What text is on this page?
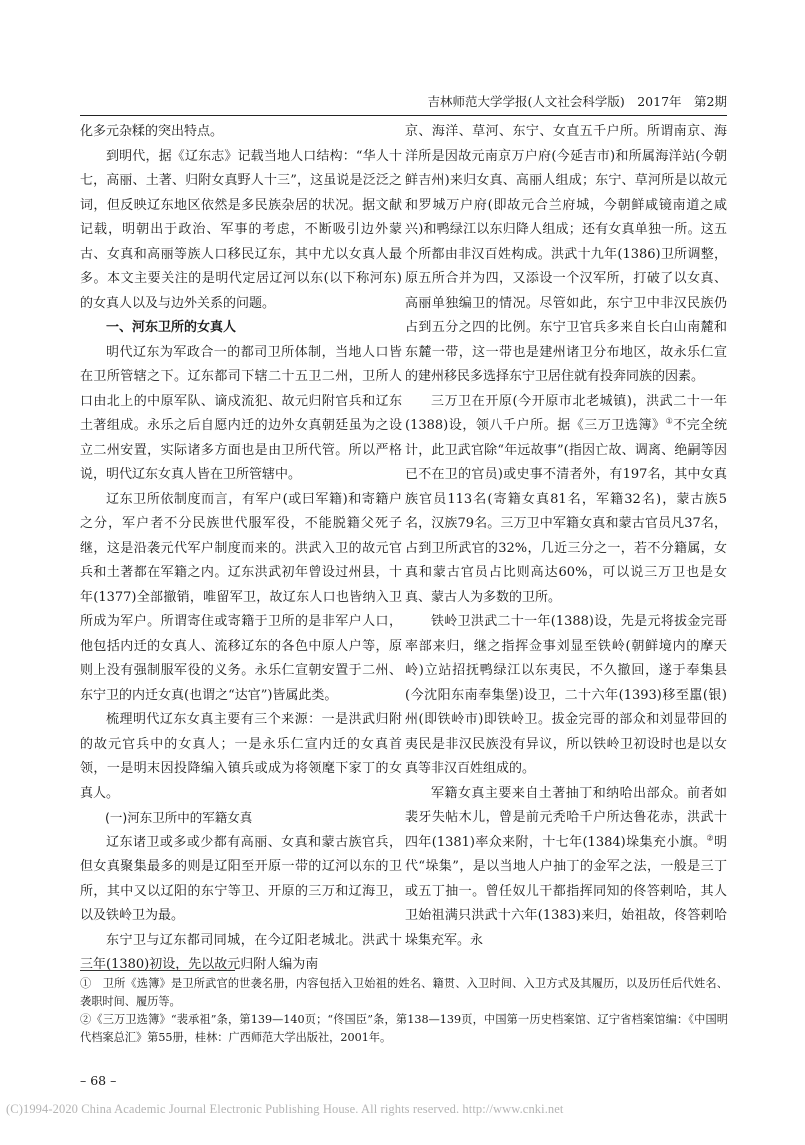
吉林师范大学学报(人文社会科学版)　2017年　第2期

化多元杂糅的突出特点。

到明代，据《辽东志》记载当地人口结构：“华人十七，高丽、土著、归附女真野人十三”，这虽说是泛泛之词，但反映辽东地区依然是多民族杂居的状况。据文献记载，明朝出于政治、军事的考虑，不断吸引边外蒙古、女真和高丽等族人口移民辽东，其中尤以女真人最多。本文主要关注的是明代定居辽河以东(以下称河东)的女真人以及与边外关系的问题。

一、河东卫所的女真人

明代辽东为军政合一的都司卫所体制，当地人口皆在卫所管辖之下。辽东都司下辖二十五卫二州，卫所人口由北上的中原军队、谪戍流犯、故元归附官兵和辽东土著组成。永乐之后自愿内迁的边外女真朝廷虽为之设立二州安置，实际诸多方面也是由卫所代管。所以严格说，明代辽东女真人皆在卫所管辖中。

辽东卫所依制度而言，有军户(或曰军籍)和寄籍户之分，军户者不分民族世代服军役，不能脱籍父死子继，这是沿袭元代军户制度而来的。洪武入卫的故元官兵和土著都在军籍之内。辽东洪武初年曾设过州县，十年(1377)全部撤销，唯留军卫，故辽东人口也皆纳入卫所成为军户。所谓寄住或寄籍于卫所的是非军户人口，他包括内迁的女真人、流移辽东的各色中原人户等，原则上没有强制服军役的义务。永乐仁宣朝安置于二州、东宁卫的内迁女真(也谓之“达官”)皆属此类。

梳理明代辽东女真主要有三个来源：一是洪武归附的故元官兵中的女真人；一是永乐仁宣内迁的女真首领，一是明末因投降编入镇兵或成为将领麾下家丁的女真人。

(一)河东卫所中的军籍女真

辽东诸卫或多或少都有高丽、女真和蒙古族官兵，但女真聚集最多的则是辽阳至开原一带的辽河以东的卫所，其中又以辽阳的东宁等卫、开原的三万和辽海卫，以及铁岭卫为最。

东宁卫与辽东都司同城，在今辽阳老城北。洪武十三年(1380)初设，先以故元归附人编为南

京、海洋、草河、东宁、女直五千户所。所谓南京、海洋所是因故元南京万户府(今延吉市)和所属海洋站(今朝鲜吉州)来归女真、高丽人组成；东宁、草河所是以故元和罗城万户府(即故元合兰府城，今朝鲜咸镜南道之咸兴)和鸭绿江以东归降人组成；还有女真单独一所。这五个所都由非汉百姓构成。洪武十九年(1386)卫所调整，原五所合并为四，又添设一个汉军所，打破了以女真、高丽单独编卫的情况。尽管如此，东宁卫中非汉民族仍占到五分之四的比例。东宁卫官兵多来自长白山南麓和东麓一带，这一带也是建州诸卫分布地区，故永乐仁宣的建州移民多选择东宁卫居住就有投奔同族的因素。

三万卫在开原(今开原市北老城镇)，洪武二十一年(1388)设，领八千户所。据《三万卫选簿》①不完全统计，此卫武官除“年远故事”(指因亡故、调离、绝嗣等因已不在卫的官员)或史事不清者外，有197名，其中女真族官员113名(寄籍女真81名，军籍32名)，蒙古族5名，汉族79名。三万卫中军籍女真和蒙古官员凡37名，占到卫所武官的32%，几近三分之一，若不分籍属，女真和蒙古官员占比则高达60%，可以说三万卫也是女真、蒙古人为多数的卫所。

铁岭卫洪武二十一年(1388)设，先是元将拔金完哥率部来归，继之指挥佥事刘显至铁岭(朝鲜境内的摩天岭)立站招抚鸭绿江以东夷民，不久撤回，遂于奉集县(今沈阳东南奉集堡)设卫，二十六年(1393)移至嚚(银)州(即铁岭市)即铁岭卫。拔金完哥的部众和刘显带回的夷民是非汉民族没有异议，所以铁岭卫初设时也是以女真等非汉百姓组成的。

军籍女真主要来自土著抽丁和纳哈出部众。前者如裴牙失帖木儿，曾是前元秃哈千户所达鲁花赤，洪武十四年(1381)率众来附，十七年(1384)垛集充小旗。②明代“垛集”，是以当地人户抽丁的金军之法，一般是三丁或五丁抽一。曾任奴儿干都指挥同知的佟答剌哈，其人卫始祖满只洪武十六年(1383)来归，始祖故，佟答剌哈垛集充军。永

①　卫所《选簿》是卫所武官的世袭名册，内容包括入卫始祖的姓名、籍贯、入卫时间、入卫方式及其履历，以及历任后代姓名、袭职时间、履历等。

②《三万卫选簿》“裴承祖”条，第139—140页；“佟国臣”条，第138—139页，中国第一历史档案馆、辽宁省档案馆编：《中国明代档案总汇》第55册，桂林：广西师范大学出版社，2001年。

– 68 –
(C)1994-2020 China Academic Journal Electronic Publishing House. All rights reserved. http://www.cnki.net
